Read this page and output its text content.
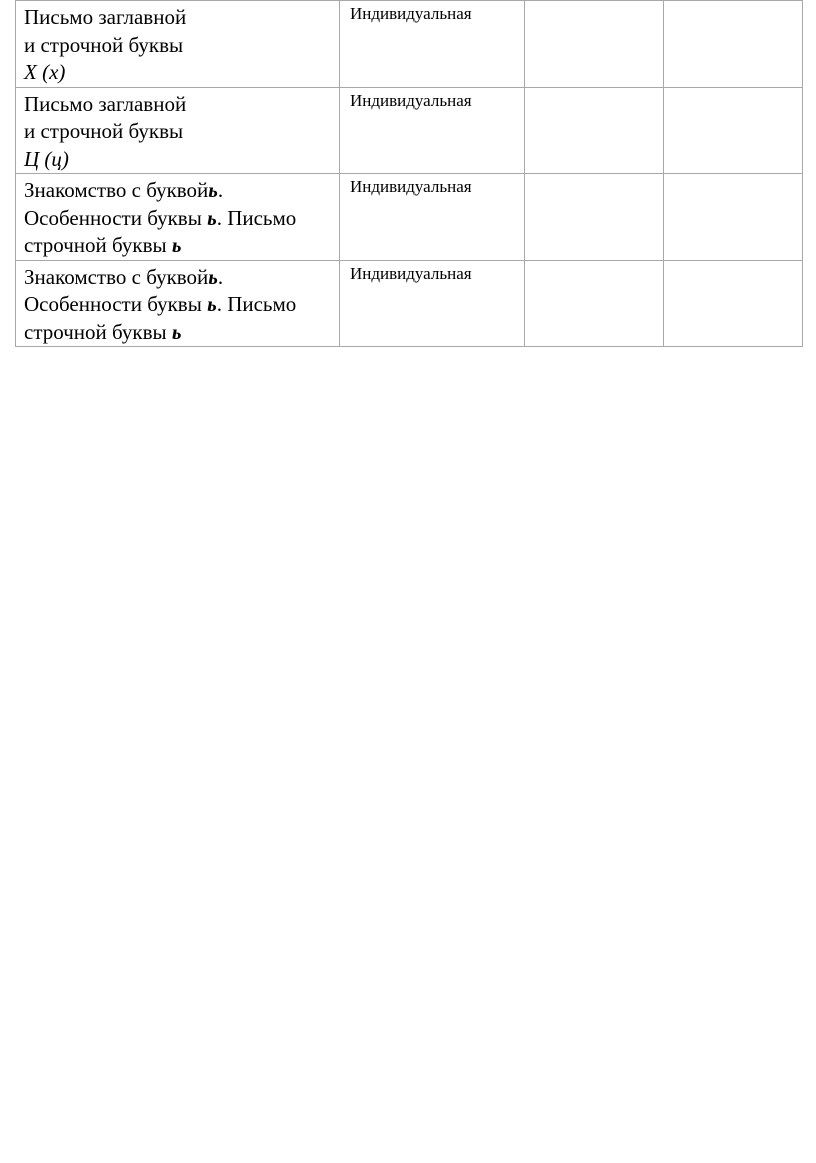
Письмо заглавной
и строчной буквы
Х (х)	Индивидуальная		

Письмо заглавной
и строчной буквы
Ц (ц)	Индивидуальная		

Знакомство с буквойь.
Особенности буквы ь. Письмо
строчной буквы ь	Индивидуальная		

Знакомство с буквойь.
Особенности буквы ь. Письмо
строчной буквы ь	Индивидуальная		
